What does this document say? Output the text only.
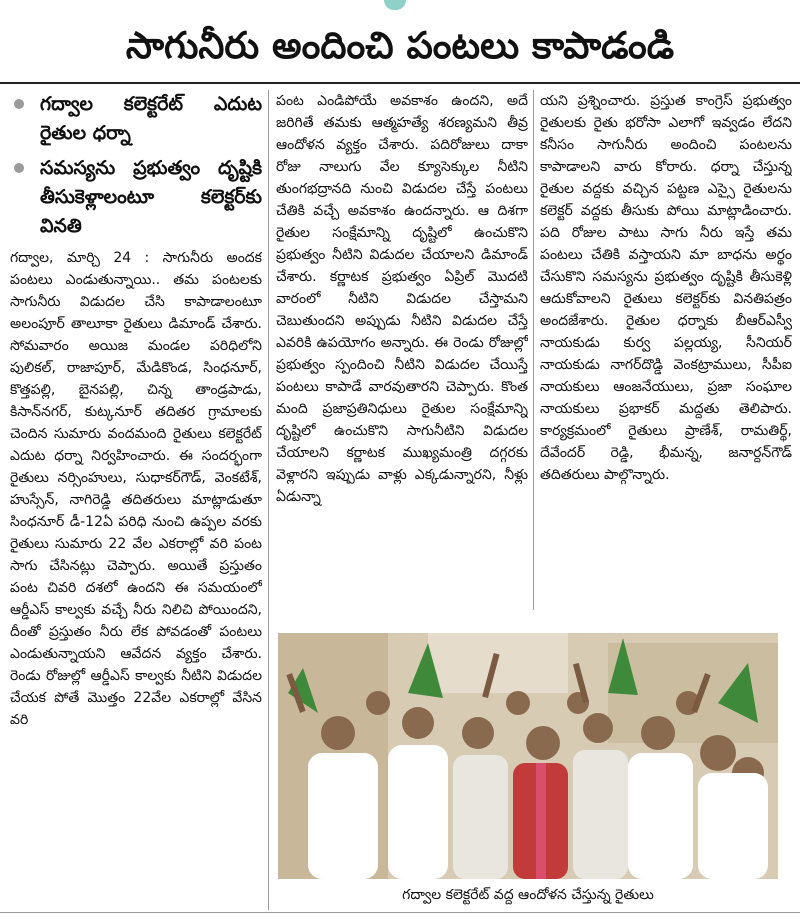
సాగునీరు అందించి పంటలు కాపాడండి
గద్వాల కలెక్టరేట్ ఎదుట రైతుల ధర్నా
సమస్యను ప్రభుత్వం దృష్టికి తీసుకెళ్లాలంటూ కలెక్టర్‌కు వినతి

గద్వాల, మార్చి 24 : సాగునీరు అందక పంటలు ఎండుతున్నాయి.. తమ పంటలకు సాగునీరు విడుదల చేసి కాపాడాలంటూ అలంపూర్ తాలూకా రైతులు డిమాండ్ చేశారు. సోమవారం అయిజ మండల పరిధిలోని పులికల్, రాజాపూర్, మేడికొండ, సింధనూర్, కొత్తపల్లి, బైనపల్లి, చిన్న తాండ్రపాడు, కిసాన్‌నగర్, కుట్కనూర్ తదితర గ్రామాలకు చెందిన సుమారు వందమంది రైతులు కలెక్టరేట్ ఎదుట ధర్నా నిర్వహించారు. ఈ సందర్భంగా రైతులు నర్సింహులు, సుధాకర్‌గౌడ్, వెంకటేశ్, హుస్సేన్, నాగిరెడ్డి తదితరులు మాట్లాడుతూ సింధనూర్ డీ-12ఏ పరిధి నుంచి ఉప్పల వరకు రైతులు సుమారు 22 వేల ఎకరాల్లో వరి పంట సాగు చేసినట్లు చెప్పారు. అయితే ప్రస్తుతం పంట చివరి దశలో ఉందని ఈ సమయంలో ఆర్డీఎస్ కాల్వకు వచ్చే నీరు నిలిచి పోయిందని, దీంతో ప్రస్తుతం నీరు లేక పోవడంతో పంటలు ఎండుతున్నాయని ఆవేదన వ్యక్తం చేశారు. రెండు రోజుల్లో ఆర్డీఎస్ కాల్వకు నీటిని విడుదల చేయక పోతే మొత్తం 22వేల ఎకరాల్లో వేసిన వరి

పంట ఎండిపోయే అవకాశం ఉందని, అదే జరిగితే తమకు ఆత్మహత్యే శరణ్యమని తీవ్ర ఆందోళన వ్యక్తం చేశారు. పదిరోజులు దాకా రోజు నాలుగు వేల క్యూసెక్కుల నీటిని తుంగభద్రానది నుంచి విడుదల చేస్తే పంటలు చేతికి వచ్చే అవకాశం ఉందన్నారు. ఆ దిశగా రైతుల సంక్షేమాన్ని దృష్టిలో ఉంచుకొని ప్రభుత్వం నీటిని విడుదల చేయాలని డిమాండ్ చేశారు. కర్ణాటక ప్రభుత్వం ఏప్రిల్ మొదటి వారంలో నీటిని విడుదల చేస్తామని చెబుతుందని అప్పుడు నీటిని విడుదల చేస్తే ఎవరికి ఉపయోగం అన్నారు. ఈ రెండు రోజుల్లో ప్రభుత్వం స్పందించి నీటిని విడుదల చేయిస్తే పంటలు కాపాడే వారవుతారని చెప్పారు. కొంత మంది ప్రజాప్రతినిధులు రైతుల సంక్షేమాన్ని దృష్టిలో ఉంచుకొని సాగునీటిని విడుదల చేయాలని కర్ణాటక ముఖ్యమంత్రి దగ్గరకు వెళ్లారని ఇప్పుడు వాళ్లు ఎక్కడున్నారని, నీళ్లు ఏడున్నా

యని ప్రశ్నించారు. ప్రస్తుత కాంగ్రెస్ ప్రభుత్వం రైతులకు రైతు భరోసా ఎలాగో ఇవ్వడం లేదని కనీసం సాగునీరు అందించి పంటలను కాపాడాలని వారు కోరారు. ధర్నా చేస్తున్న రైతుల వద్దకు వచ్చిన పట్టణ ఎస్సై రైతులను కలెక్టర్ వద్దకు తీసుకు పోయి మాట్లాడించారు. పది రోజుల పాటు సాగు నీరు ఇస్తే తమ పంటలు చేతికి వస్తాయని మా బాధను అర్థం చేసుకొని సమస్యను ప్రభుత్వం దృష్టికి తీసుకెళ్లి ఆదుకోవాలని రైతులు కలెక్టర్‌కు వినతిపత్రం అందజేశారు. రైతుల ధర్నాకు బీఆర్ఎస్వీ నాయకుడు కుర్వ పల్లయ్య, సీనియర్ నాయకుడు నాగర్‌దొడ్డి వెంకట్రాములు, సీపీఐ నాయకులు ఆంజనేయులు, ప్రజా సంఘాల నాయకులు ప్రభాకర్ మద్దతు తెలిపారు. కార్యక్రమంలో రైతులు ప్రాణేశ్, రామతిర్థ్, దేవేందర్ రెడ్డి, భీమన్న, జనార్దన్‌గౌడ్ తదితరులు పాల్గొన్నారు.

గద్వాల కలెక్టరేట్ వద్ద ఆందోళన చేస్తున్న రైతులు
